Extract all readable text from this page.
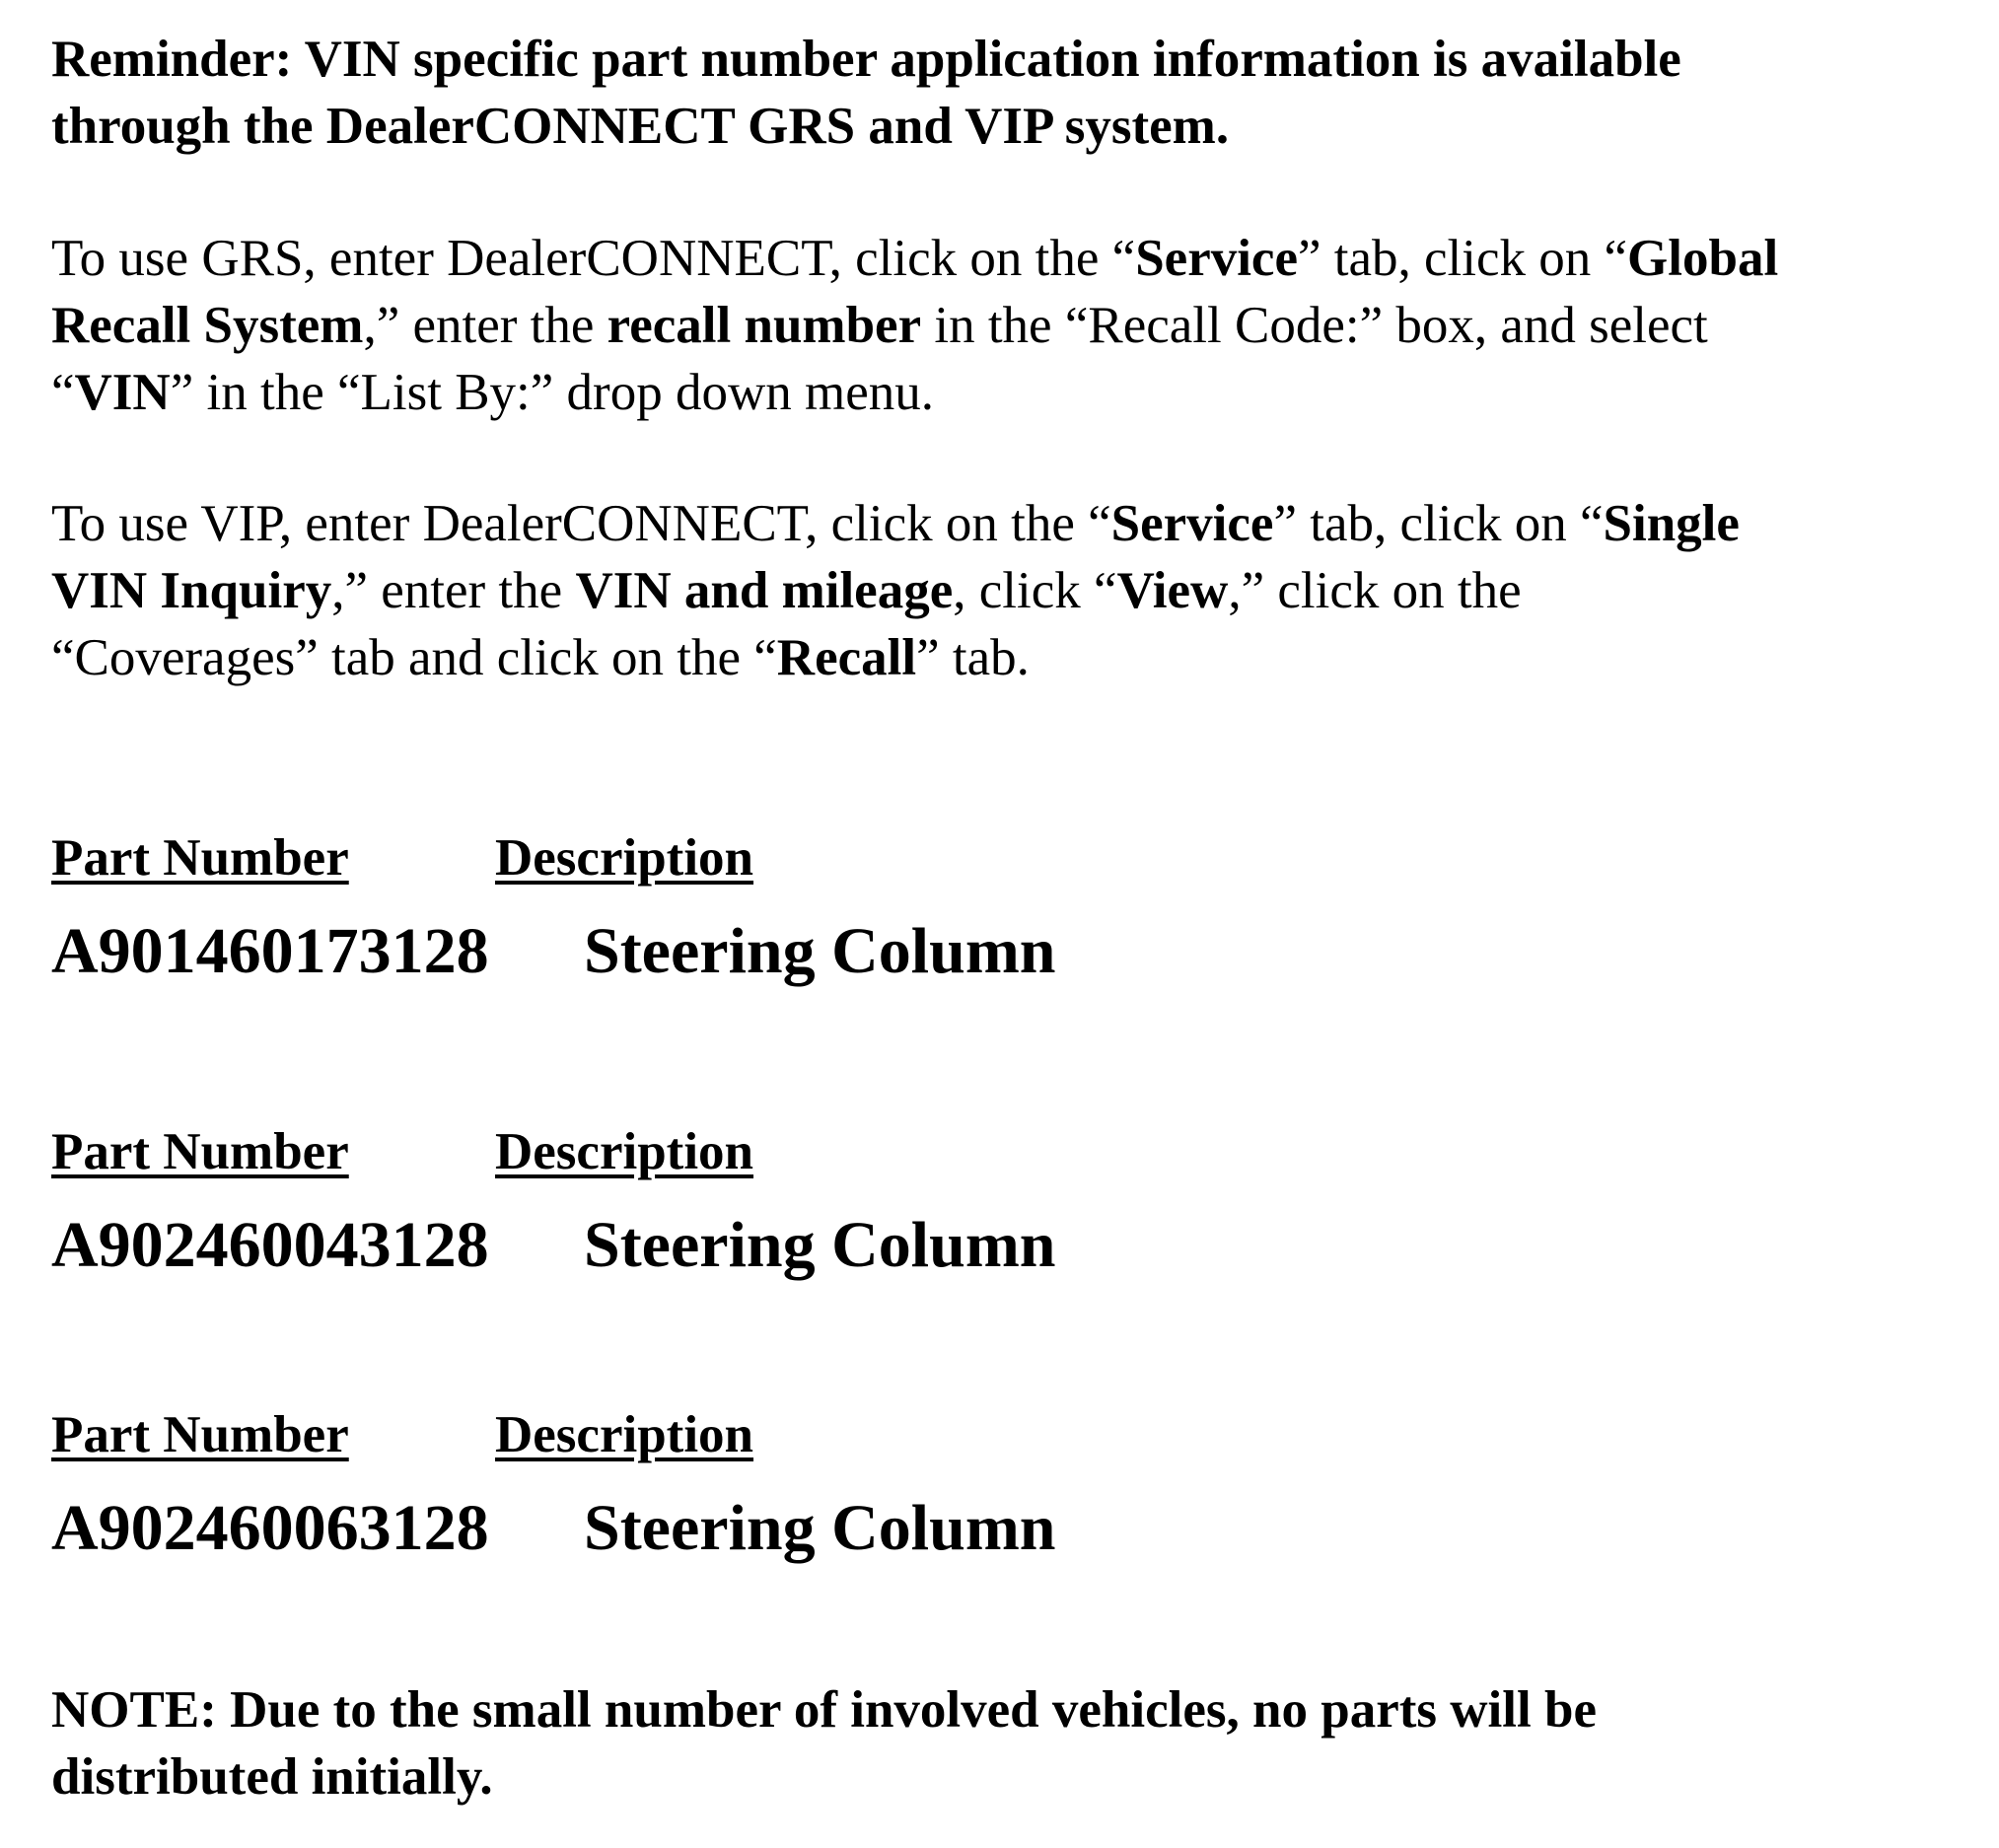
Reminder: VIN specific part number application information is available
through the DealerCONNECT GRS and VIP system.

To use GRS, enter DealerCONNECT, click on the “Service” tab, click on “Global
Recall System,” enter the recall number in the “Recall Code:” box, and select
“VIN” in the “List By:” drop down menu.

To use VIP, enter DealerCONNECT, click on the “Service” tab, click on “Single
VIN Inquiry,” enter the VIN and mileage, click “View,” click on the
“Coverages” tab and click on the “Recall” tab.

Part Number	Description
A901460173128 Steering Column
Part Number	Description
A902460043128 Steering Column
Part Number	Description
A902460063128 Steering Column

NOTE: Due to the small number of involved vehicles, no parts will be
distributed initially.
